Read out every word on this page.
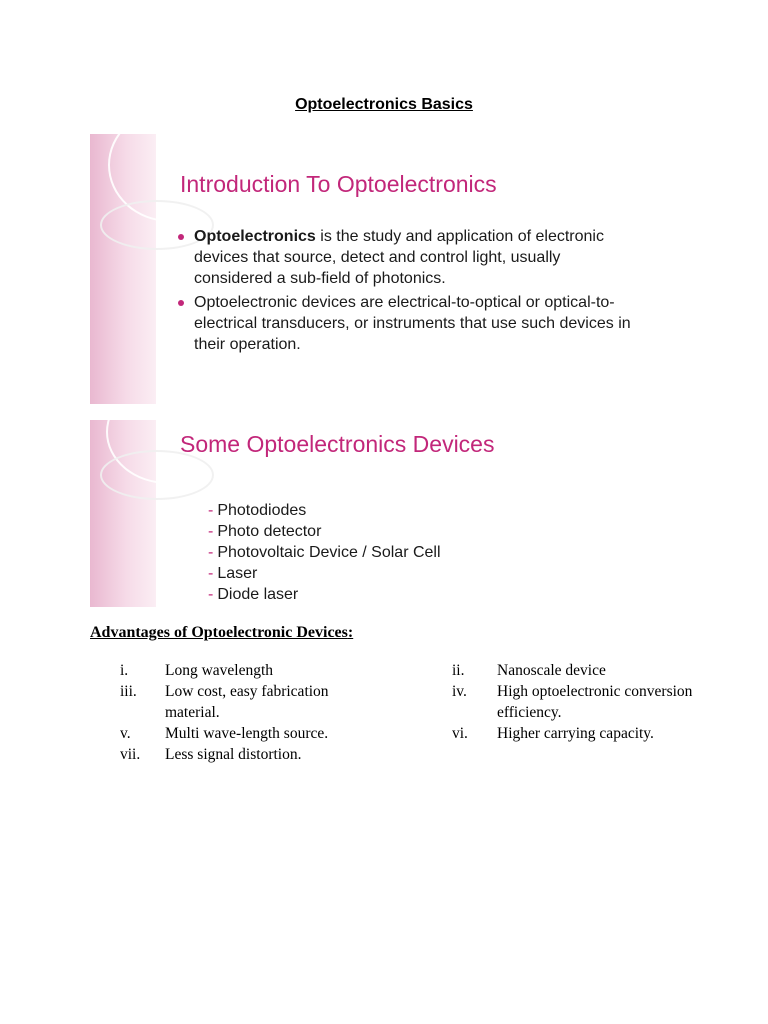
Optoelectronics Basics
Introduction To Optoelectronics
Optoelectronics is the study and application of electronic devices that source, detect and control light, usually considered a sub-field of photonics.
Optoelectronic devices are electrical-to-optical or optical-to-electrical transducers, or instruments that use such devices in their operation.
Some Optoelectronics Devices
- Photodiodes
- Photo detector
- Photovoltaic Device / Solar Cell
- Laser
- Diode laser
Advantages of Optoelectronic Devices:
i.	Long wavelength
iii.	Low cost, easy fabrication material.
v.	Multi wave-length source.
vii.	Less signal distortion.
ii.	Nanoscale device
iv.	High optoelectronic conversion efficiency.
vi.	Higher carrying capacity.
